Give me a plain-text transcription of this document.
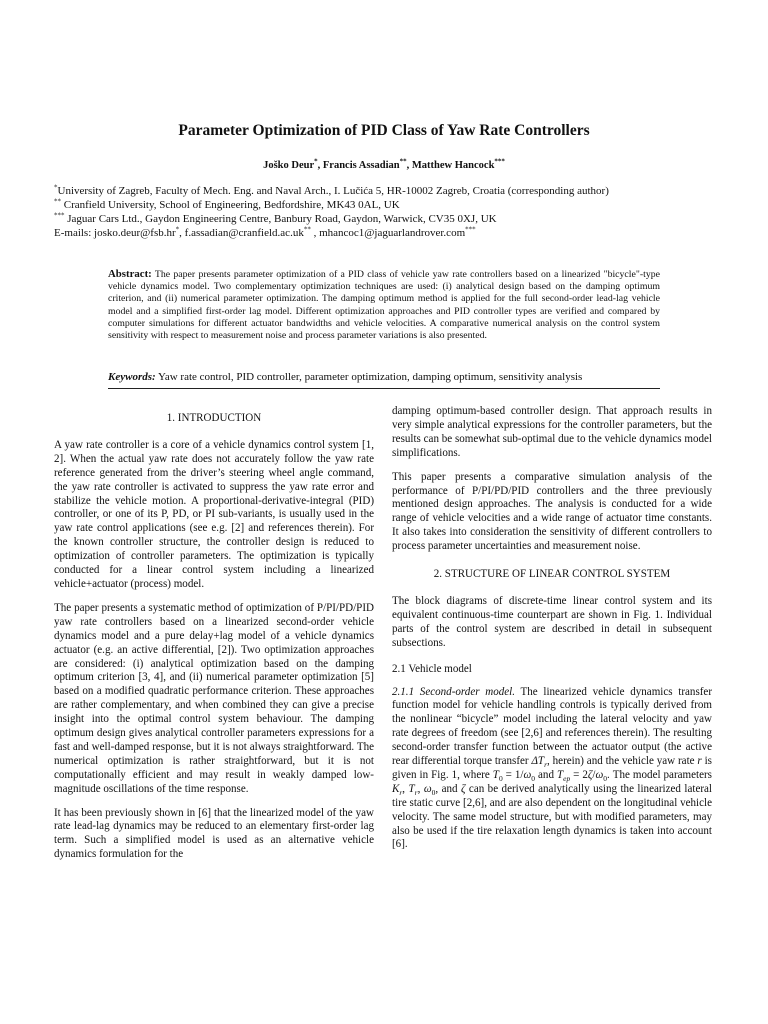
Parameter Optimization of PID Class of Yaw Rate Controllers
Joško Deur*, Francis Assadian**, Matthew Hancock***
*University of Zagreb, Faculty of Mech. Eng. and Naval Arch., I. Lučića 5, HR-10002 Zagreb, Croatia (corresponding author)
** Cranfield University, School of Engineering, Bedfordshire, MK43 0AL, UK
*** Jaguar Cars Ltd., Gaydon Engineering Centre, Banbury Road, Gaydon, Warwick, CV35 0XJ, UK
E-mails: josko.deur@fsb.hr*, f.assadian@cranfield.ac.uk** , mhancoc1@jaguarlandrover.com***
Abstract: The paper presents parameter optimization of a PID class of vehicle yaw rate controllers based on a linearized "bicycle"-type vehicle dynamics model. Two complementary optimization techniques are used: (i) analytical design based on the damping optimum criterion, and (ii) numerical parameter optimization. The damping optimum method is applied for the full second-order lead-lag vehicle model and a simplified first-order lag model. Different optimization approaches and PID controller types are verified and compared by computer simulations for different actuator bandwidths and vehicle velocities. A comparative numerical analysis on the control system sensitivity with respect to measurement noise and process parameter variations is also presented.
Keywords: Yaw rate control, PID controller, parameter optimization, damping optimum, sensitivity analysis
1. INTRODUCTION

A yaw rate controller is a core of a vehicle dynamics control system [1, 2]. When the actual yaw rate does not accurately follow the yaw rate reference generated from the driver’s steering wheel angle command, the yaw rate controller is activated to suppress the yaw rate error and stabilize the vehicle motion. A proportional-derivative-integral (PID) controller, or one of its P, PD, or PI sub-variants, is usually used in the yaw rate control applications (see e.g. [2] and references therein). For the known controller structure, the controller design is reduced to optimization of controller parameters. The optimization is typically conducted for a linear control system including a linearized vehicle+actuator (process) model.

The paper presents a systematic method of optimization of P/PI/PD/PID yaw rate controllers based on a linearized second-order vehicle dynamics model and a pure delay+lag model of a vehicle dynamics actuator (e.g. an active differential, [2]). Two optimization approaches are considered: (i) analytical optimization based on the damping optimum criterion [3, 4], and (ii) numerical parameter optimization [5] based on a modified quadratic performance criterion. These approaches are rather complementary, and when combined they can give a precise insight into the optimal control system behaviour. The damping optimum design gives analytical controller parameters expressions for a fast and well-damped response, but it is not always straightforward. The numerical optimization is rather straightforward, but it is not computationally efficient and may result in weakly damped low-magnitude oscillations of the time response.

It has been previously shown in [6] that the linearized model of the yaw rate lead-lag dynamics may be reduced to an elementary first-order lag term. Such a simplified model is used as an alternative vehicle dynamics formulation for the

damping optimum-based controller design. That approach results in very simple analytical expressions for the controller parameters, but the results can be somewhat sub-optimal due to the vehicle dynamics model simplifications.

This paper presents a comparative simulation analysis of the performance of P/PI/PD/PID controllers and the three previously mentioned design approaches. The analysis is conducted for a wide range of vehicle velocities and a wide range of actuator time constants. It also takes into consideration the sensitivity of different controllers to process parameter uncertainties and measurement noise.

2. STRUCTURE OF LINEAR CONTROL SYSTEM

The block diagrams of discrete-time linear control system and its equivalent continuous-time counterpart are shown in Fig. 1. Individual parts of the control system are described in detail in subsequent subsections.

2.1 Vehicle model

2.1.1 Second-order model. The linearized vehicle dynamics transfer function model for vehicle handling controls is typically derived from the nonlinear “bicycle” model including the lateral velocity and yaw rate degrees of freedom (see [2,6] and references therein). The resulting second-order transfer function between the actuator output (the active rear differential torque transfer $\Delta T_r$, herein) and the vehicle yaw rate r is given in Fig. 1, where $T_0 = 1/\omega_0$ and $T_{ep} = 2\zeta/\omega_0$. The model parameters $K_r$, $T_r$, $\omega_0$, and ζ can be derived analytically using the linearized lateral tire static curve [2,6], and are also dependent on the longitudinal vehicle velocity. The same model structure, but with modified parameters, may also be used if the tire relaxation length dynamics is taken into account [6].
